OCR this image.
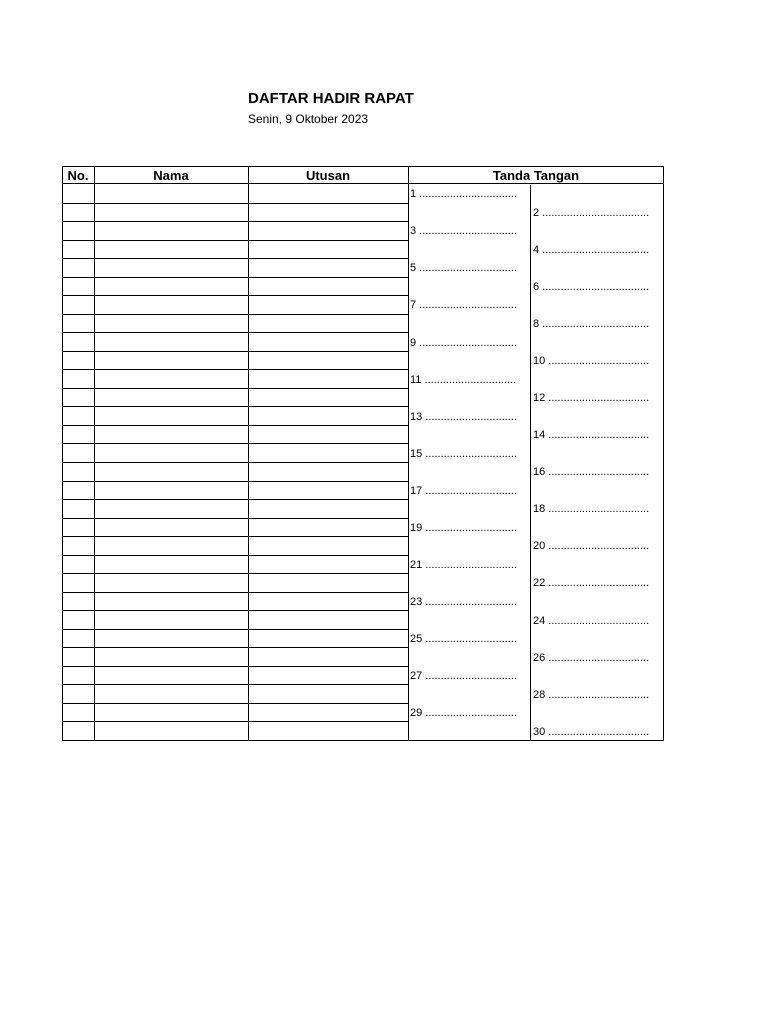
DAFTAR HADIR RAPAT
Senin, 9 Oktober 2023
No.	Nama	Utusan	Tanda Tangan
1 ................................
2 ...................................
3 ................................
4 ...................................
5 ................................
6 ...................................
7 ................................
8 ...................................
9 ................................
10 .................................
11 ..............................
12 .................................
13 ..............................
14 .................................
15 ..............................
16 .................................
17 ..............................
18 .................................
19 ..............................
20 .................................
21 ..............................
22 .................................
23 ..............................
24 .................................
25 ..............................
26 .................................
27 ..............................
28 .................................
29 ..............................
30 .................................
